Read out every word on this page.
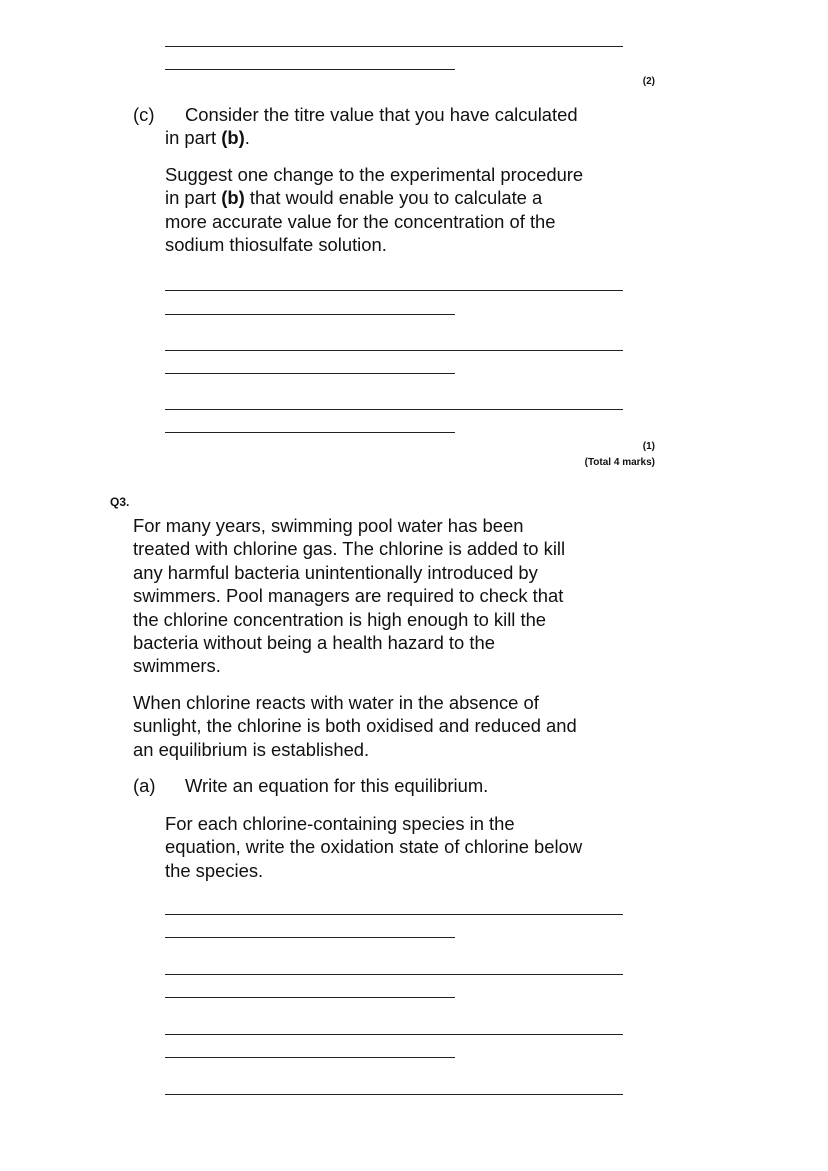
(2)
(c) Consider the titre value that you have calculated
in part (b).
Suggest one change to the experimental procedure
in part (b) that would enable you to calculate a
more accurate value for the concentration of the
sodium thiosulfate solution.
(1)
(Total 4 marks)
Q3.
For many years, swimming pool water has been
treated with chlorine gas. The chlorine is added to kill
any harmful bacteria unintentionally introduced by
swimmers. Pool managers are required to check that
the chlorine concentration is high enough to kill the
bacteria without being a health hazard to the
swimmers.
When chlorine reacts with water in the absence of
sunlight, the chlorine is both oxidised and reduced and
an equilibrium is established.
(a) Write an equation for this equilibrium.
For each chlorine-containing species in the
equation, write the oxidation state of chlorine below
the species.
